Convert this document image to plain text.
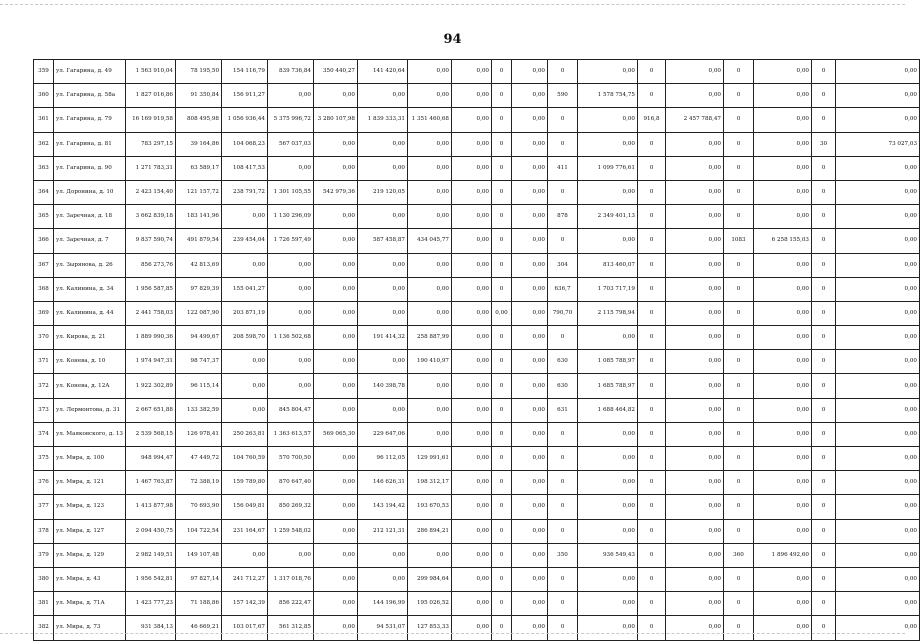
94
359	ул. Гагарина, д. 49	1 563 910,04	78 195,50	154 116,79	839 736,84	350 440,27	141 420,64	0,00	0,00	0	0,00	0	0,00	0	0,00	0	0,00	0	0,00
360	ул. Гагарина, д. 58а	1 827 016,86	91 350,84	156 911,27	0,00	0,00	0,00	0,00	0,00	0	0,00	590	1 578 754,75	0	0,00	0	0,00	0	0,00
361	ул. Гагарина, д. 79	16 169 919,58	808 495,98	1 056 936,44	5 375 996,72	3 280 107,98	1 839 333,31	1 351 460,68	0,00	0	0,00	0	0,00	916,8	2 457 788,47	0	0,00	0	0,00
362	ул. Гагарина, д. 81	783 297,15	39 164,86	104 068,23	567 037,03	0,00	0,00	0,00	0,00	0	0,00	0	0,00	0	0,00	0	0,00	30	73 027,03
363	ул. Гагарина, д. 90	1 271 783,31	63 589,17	108 417,53	0,00	0,00	0,00	0,00	0,00	0	0,00	411	1 099 776,61	0	0,00	0	0,00	0	0,00
364	ул. Доронина, д. 10	2 423 154,40	121 157,72	238 791,72	1 301 105,55	542 979,36	219 120,05	0,00	0,00	0	0,00	0	0,00	0	0,00	0	0,00	0	0,00
365	ул. Заречная, д. 18	3 662 839,18	183 141,96	0,00	1 130 296,09	0,00	0,00	0,00	0,00	0	0,00	878	2 349 401,13	0	0,00	0	0,00	0	0,00
366	ул. Заречная, д. 7	9 837 590,74	491 879,54	239 454,04	1 726 597,49	0,00	587 458,87	434 045,77	0,00	0	0,00	0	0,00	0	0,00	1083	6 258 155,03	0	0,00
367	ул. Зырянова, д. 26	856 273,76	42 813,69	0,00	0,00	0,00	0,00	0,00	0,00	0	0,00	304	813 460,07	0	0,00	0	0,00	0	0,00
368	ул. Калинина, д. 34	1 956 587,85	97 829,39	155 041,27	0,00	0,00	0,00	0,00	0,00	0	0,00	636,7	1 703 717,19	0	0,00	0	0,00	0	0,00
369	ул. Калинина, д. 44	2 441 758,03	122 087,90	203 871,19	0,00	0,00	0,00	0,00	0,00	0,00	0,00	790,70	2 115 798,94	0	0,00	0	0,00	0	0,00
370	ул. Кирова, д. 21	1 889 990,36	94 499,67	208 598,70	1 136 502,68	0,00	191 414,32	258 887,99	0,00	0	0,00	0	0,00	0	0,00	0	0,00	0	0,00
371	ул. Конева, д. 10	1 974 947,31	98 747,37	0,00	0,00	0,00	0,00	190 410,97	0,00	0	0,00	630	1 085 788,97	0	0,00	0	0,00	0	0,00
372	ул. Конева, д. 12А	1 922 302,89	96 115,14	0,00	0,00	0,00	140 398,78	0,00	0,00	0	0,00	630	1 685 788,97	0	0,00	0	0,00	0	0,00
373	ул. Лермонтова, д. 31	2 667 651,88	133 382,59	0,00	845 804,47	0,00	0,00	0,00	0,00	0	0,00	631	1 688 464,82	0	0,00	0	0,00	0	0,00
374	ул. Маяковского, д. 13	2 539 568,15	126 978,41	250 263,81	1 363 613,57	569 065,30	229 647,06	0,00	0,00	0	0,00	0	0,00	0	0,00	0	0,00	0	0,00
375	ул. Мира, д. 100	948 994,47	47 449,72	104 760,59	570 700,50	0,00	96 112,05	129 991,61	0,00	0	0,00	0	0,00	0	0,00	0	0,00	0	0,00
376	ул. Мира, д. 121	1 467 763,87	72 388,19	159 789,80	870 647,40	0,00	146 626,31	198 312,17	0,00	0	0,00	0	0,00	0	0,00	0	0,00	0	0,00
377	ул. Мира, д. 123	1 413 877,98	70 693,90	156 049,81	850 269,32	0,00	143 194,42	193 670,53	0,00	0	0,00	0	0,00	0	0,00	0	0,00	0	0,00
378	ул. Мира, д. 127	2 094 450,75	104 722,54	231 164,67	1 259 548,02	0,00	212 121,31	286 894,21	0,00	0	0,00	0	0,00	0	0,00	0	0,00	0	0,00
379	ул. Мира, д. 129	2 982 149,51	149 107,48	0,00	0,00	0,00	0,00	0,00	0,00	0	0,00	350	936 549,43	0	0,00	360	1 896 492,60	0	0,00
380	ул. Мира, д. 43	1 956 542,81	97 827,14	241 712,27	1 317 018,76	0,00	0,00	299 984,64	0,00	0	0,00	0	0,00	0	0,00	0	0,00	0	0,00
381	ул. Мира, д. 71А	1 423 777,23	71 188,86	157 142,39	856 222,47	0,00	144 196,99	195 026,52	0,00	0	0,00	0	0,00	0	0,00	0	0,00	0	0,00
382	ул. Мира, д. 73	931 384,13	46 669,21	103 017,67	561 312,85	0,00	94 531,07	127 853,33	0,00	0	0,00	0	0,00	0	0,00	0	0,00	0	0,00
